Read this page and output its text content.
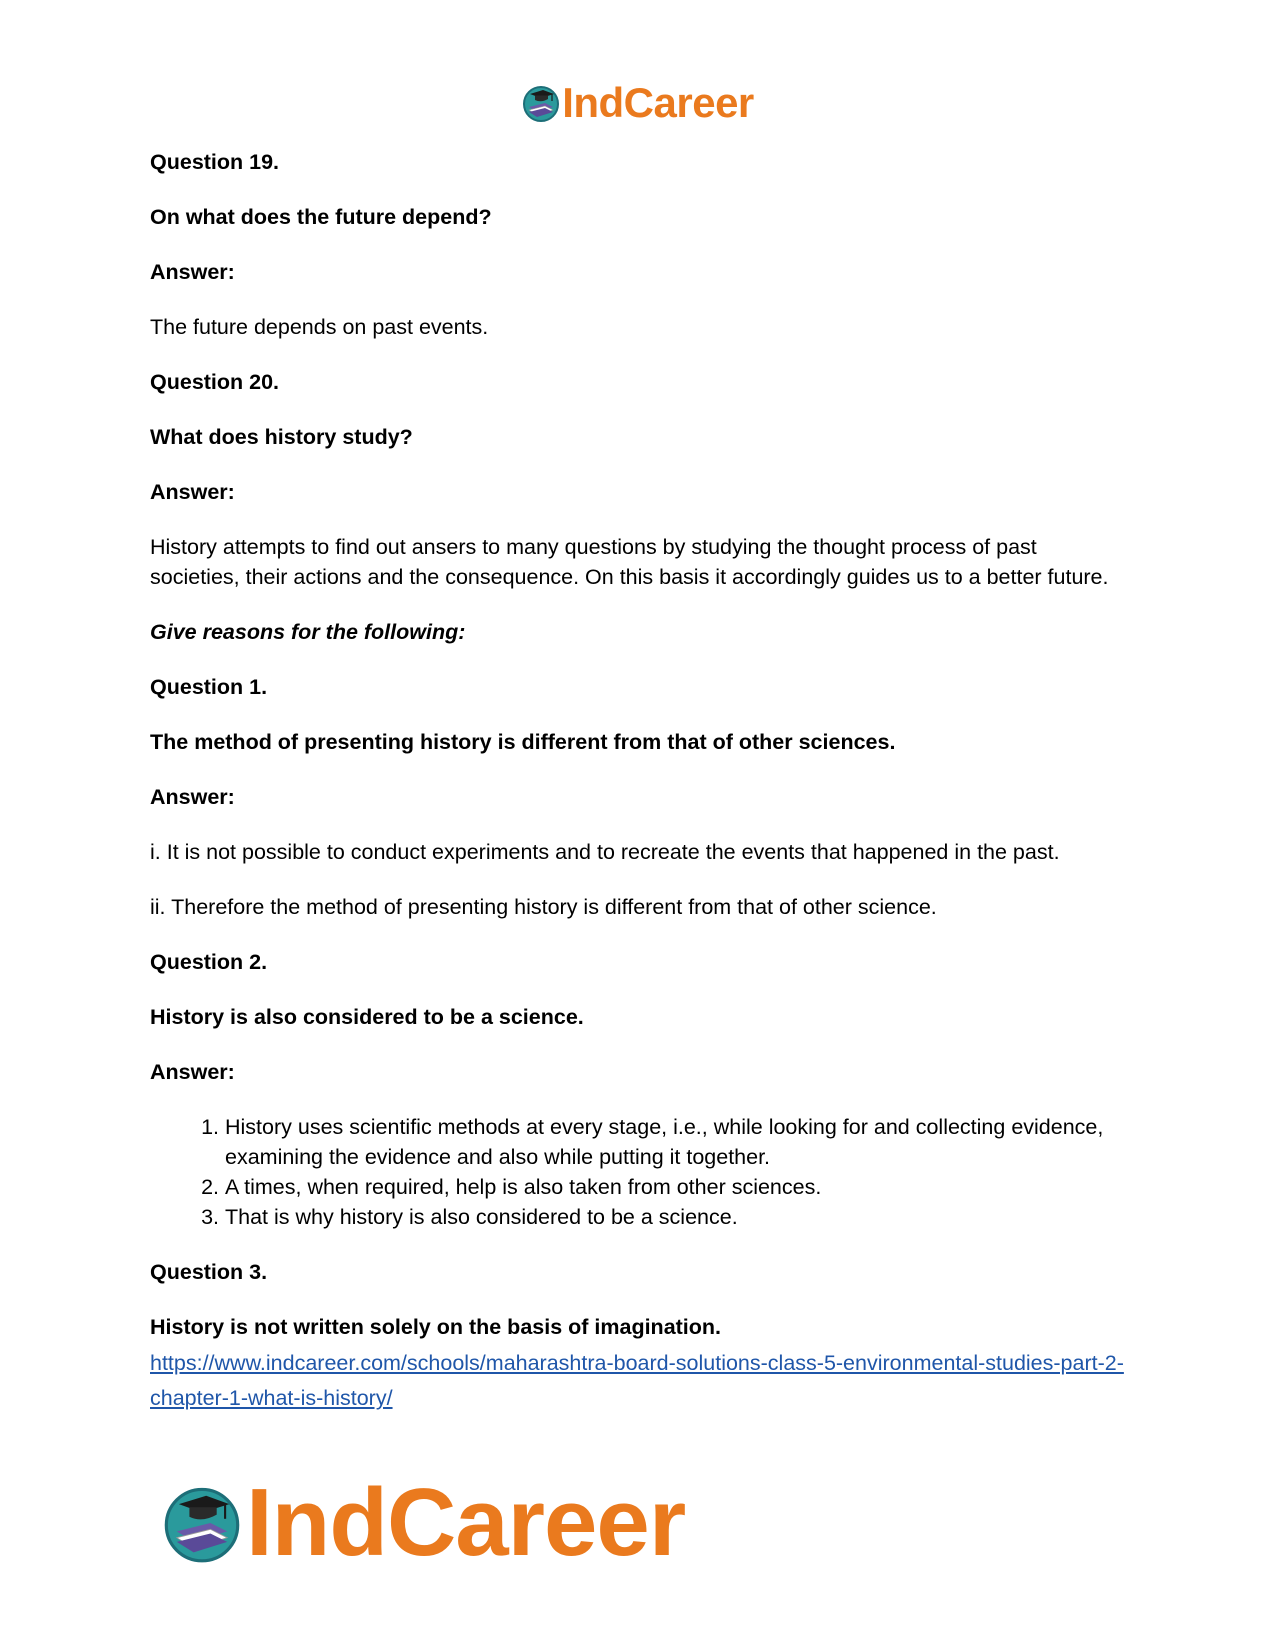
IndCareer

Question 19.

On what does the future depend?

Answer:

The future depends on past events.

Question 20.

What does history study?

Answer:

History attempts to find out ansers to many questions by studying the thought process of past societies, their actions and the consequence. On this basis it accordingly guides us to a better future.

Give reasons for the following:

Question 1.

The method of presenting history is different from that of other sciences.

Answer:

i. It is not possible to conduct experiments and to recreate the events that happened in the past.

ii. Therefore the method of presenting history is different from that of other science.

Question 2.

History is also considered to be a science.

Answer:

1. History uses scientific methods at every stage, i.e., while looking for and collecting evidence, examining the evidence and also while putting it together.
2. A times, when required, help is also taken from other sciences.
3. That is why history is also considered to be a science.

Question 3.

History is not written solely on the basis of imagination.

https://www.indcareer.com/schools/maharashtra-board-solutions-class-5-environmental-studies-part-2-chapter-1-what-is-history/
IndCareer
